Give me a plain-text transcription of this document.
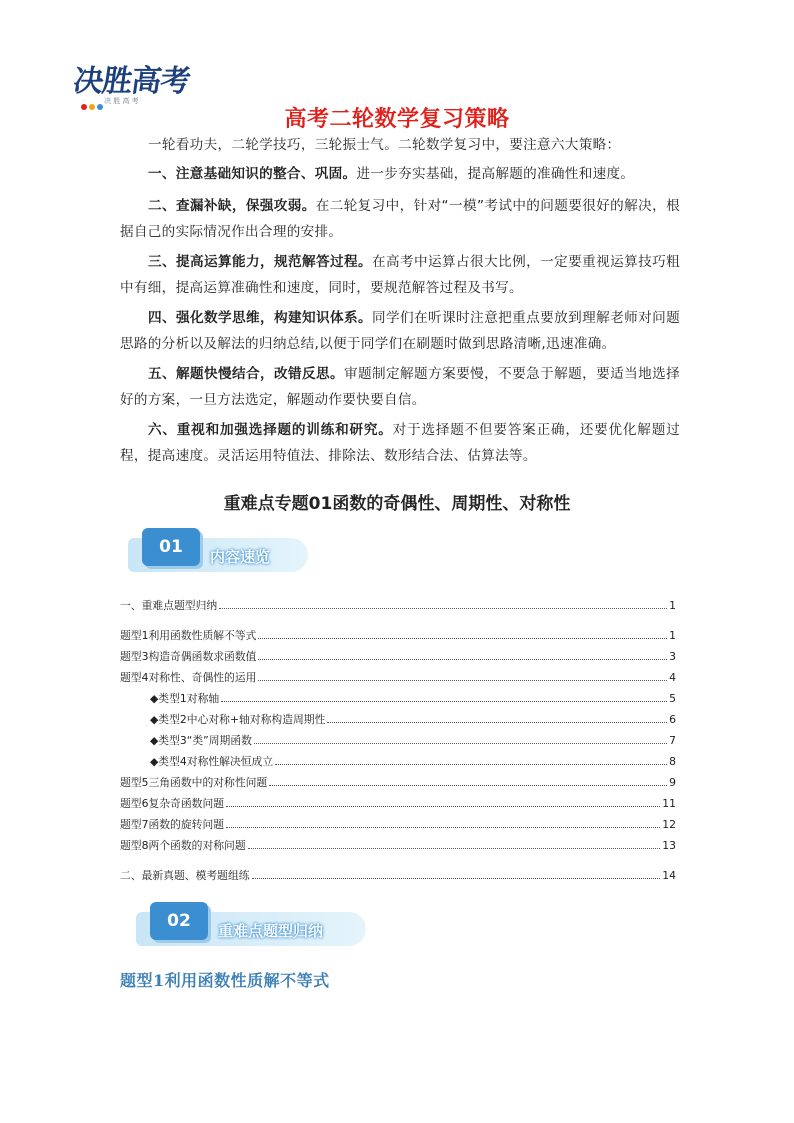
决胜高考
决 胜 高 考
高考二轮数学复习策略

一轮看功夫，二轮学技巧，三轮振士气。二轮数学复习中，要注意六大策略：

一、注意基础知识的整合、巩固。进一步夯实基础，提高解题的准确性和速度。

二、查漏补缺，保强攻弱。在二轮复习中，针对“一模”考试中的问题要很好的解决，根据自己的实际情况作出合理的安排。

三、提高运算能力，规范解答过程。在高考中运算占很大比例，一定要重视运算技巧粗中有细，提高运算准确性和速度，同时，要规范解答过程及书写。

四、强化数学思维，构建知识体系。同学们在听课时注意把重点要放到理解老师对问题思路的分析以及解法的归纳总结,以便于同学们在刷题时做到思路清晰,迅速准确。

五、解题快慢结合，改错反思。审题制定解题方案要慢，不要急于解题，要适当地选择好的方案，一旦方法选定，解题动作要快要自信。

六、重视和加强选择题的训练和研究。对于选择题不但要答案正确，还要优化解题过程，提高速度。灵活运用特值法、排除法、数形结合法、估算法等。

重难点专题01函数的奇偶性、周期性、对称性
01	内容速览
一、重难点题型归纳	1
题型1利用函数性质解不等式	1
题型3构造奇偶函数求函数值	3
题型4对称性、奇偶性的运用	4
◆类型1对称轴	5
◆类型2中心对称+轴对称构造周期性	6
◆类型3“类”周期函数	7
◆类型4对称性解决恒成立	8
题型5三角函数中的对称性问题	9
题型6复杂奇函数问题	11
题型7函数的旋转问题	12
题型8两个函数的对称问题	13
二、最新真题、模考题组练	14
02	重难点题型归纳
题型1利用函数性质解不等式
